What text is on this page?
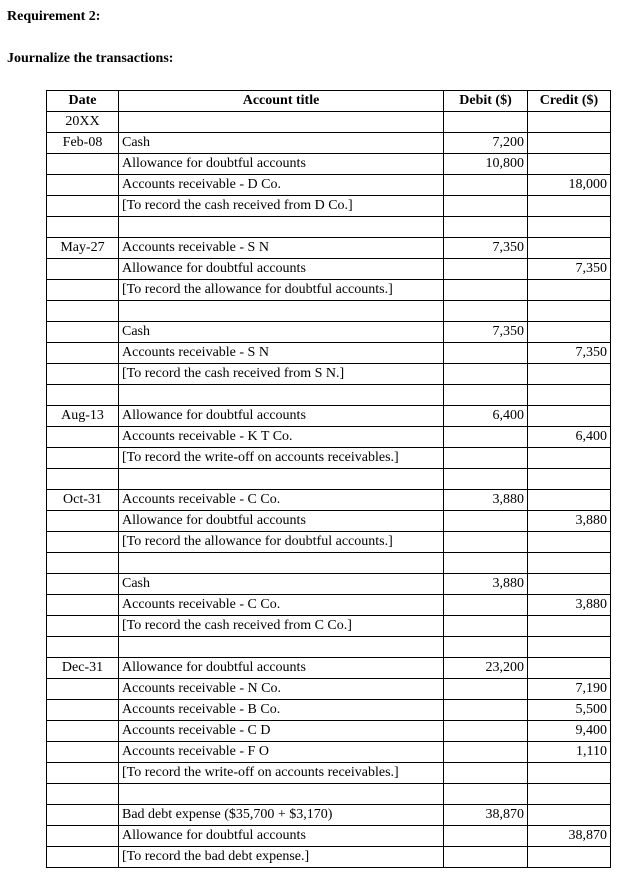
Requirement 2:
Journalize the transactions:
Date	Account title	Debit ($)	Credit ($)
20XX			
Feb-08	Cash	7,200	
	Allowance for doubtful accounts	10,800	
	Accounts receivable - D Co.		18,000
	[To record the cash received from D Co.]		

May-27	Accounts receivable - S N	7,350	
	Allowance for doubtful accounts		7,350
	[To record the allowance for doubtful accounts.]		

	Cash	7,350	
	Accounts receivable - S N		7,350
	[To record the cash received from S N.]		

Aug-13	Allowance for doubtful accounts	6,400	
	Accounts receivable - K T Co.		6,400
	[To record the write-off on accounts receivables.]		

Oct-31	Accounts receivable - C Co.	3,880	
	Allowance for doubtful accounts		3,880
	[To record the allowance for doubtful accounts.]		

	Cash	3,880	
	Accounts receivable - C Co.		3,880
	[To record the cash received from C Co.]		

Dec-31	Allowance for doubtful accounts	23,200	
	Accounts receivable - N Co.		7,190
	Accounts receivable - B Co.		5,500
	Accounts receivable - C D		9,400
	Accounts receivable - F O		1,110
	[To record the write-off on accounts receivables.]		

	Bad debt expense ($35,700 + $3,170)	38,870	
	Allowance for doubtful accounts		38,870
	[To record the bad debt expense.]		
